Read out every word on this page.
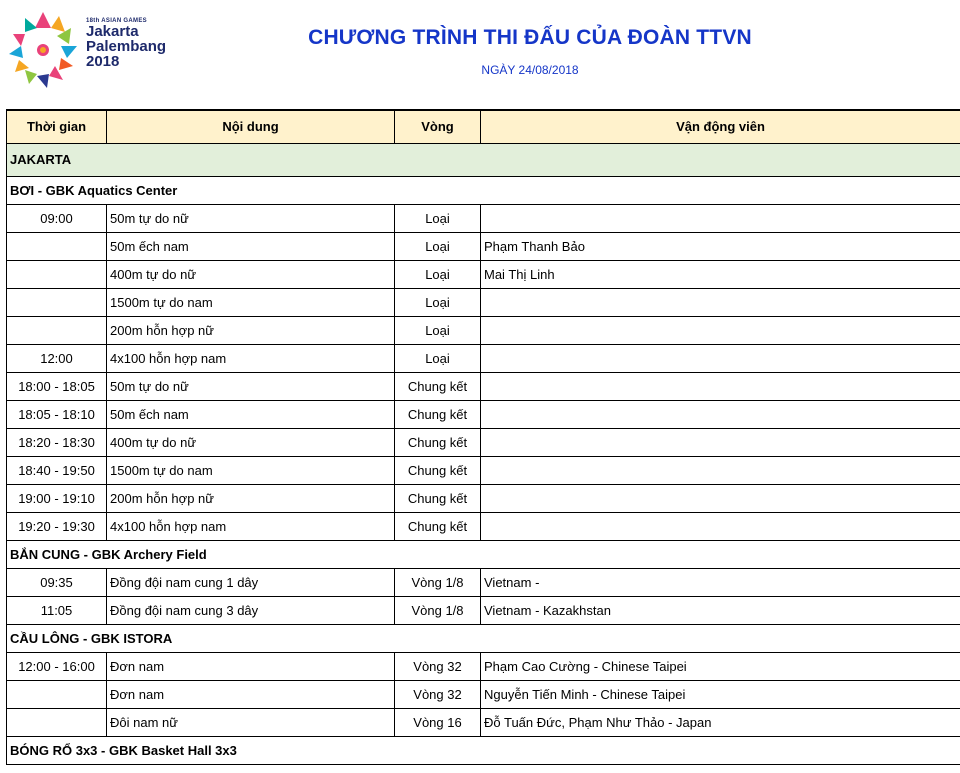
18th ASIAN GAMES
Jakarta
Palembang
2018
CHƯƠNG TRÌNH THI ĐẤU CỦA ĐOÀN TTVN
NGÀY 24/08/2018
Thời gian	Nội dung	Vòng	Vận động viên
JAKARTA			
BƠI - GBK Aquatics Center			
09:00	50m tự do nữ	Loại	
	50m ếch nam	Loại	Phạm Thanh Bảo
	400m tự do nữ	Loại	Mai Thị Linh
	1500m tự do nam	Loại	
	200m hỗn hợp nữ	Loại	
12:00	4x100 hỗn hợp nam	Loại	
18:00 - 18:05	50m tự do nữ	Chung kết	
18:05 - 18:10	50m ếch nam	Chung kết	
18:20 - 18:30	400m tự do nữ	Chung kết	
18:40 - 19:50	1500m tự do nam	Chung kết	
19:00 - 19:10	200m hỗn hợp nữ	Chung kết	
19:20 - 19:30	4x100 hỗn hợp nam	Chung kết	
BẮN CUNG - GBK Archery Field			
09:35	Đồng đội nam cung 1 dây	Vòng 1/8	Vietnam -
11:05	Đồng đội nam cung 3 dây	Vòng 1/8	Vietnam - Kazakhstan
CẦU LÔNG - GBK ISTORA			
12:00 - 16:00	Đơn nam	Vòng 32	Phạm Cao Cường - Chinese Taipei
	Đơn nam	Vòng 32	Nguyễn Tiến Minh - Chinese Taipei
	Đôi nam nữ	Vòng 16	Đỗ Tuấn Đức, Phạm Như Thảo - Japan
BÓNG RỔ 3x3 - GBK Basket Hall 3x3			
